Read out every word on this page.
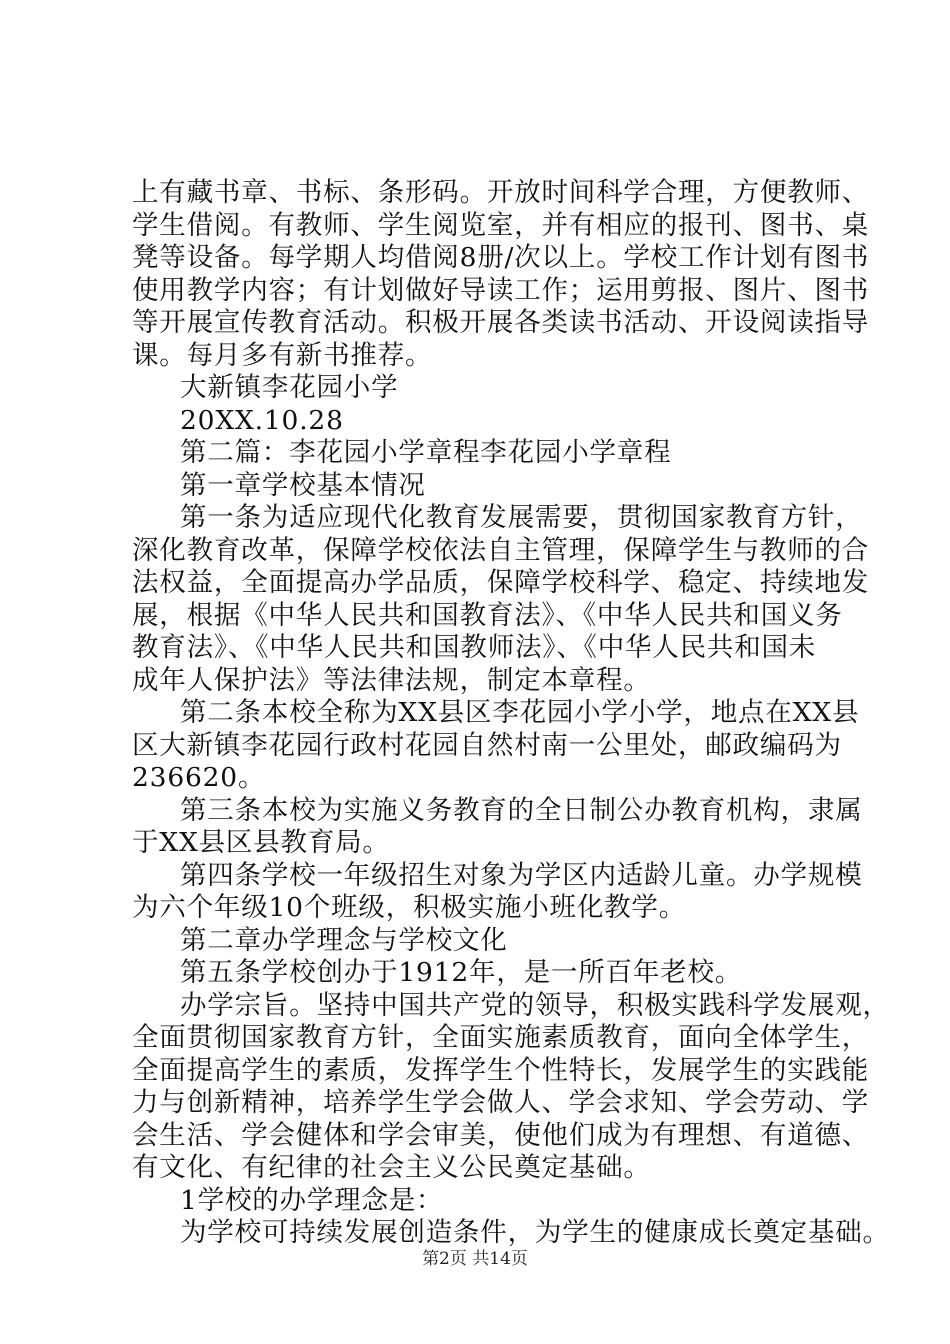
上有藏书章、书标、条形码。开放时间科学合理，方便教师、
学生借阅。有教师、学生阅览室，并有相应的报刊、图书、桌
凳等设备。每学期人均借阅8册/次以上。学校工作计划有图书
使用教学内容；有计划做好导读工作；运用剪报、图片、图书
等开展宣传教育活动。积极开展各类读书活动、开设阅读指导
课。每月多有新书推荐。
大新镇李花园小学
20XX.10.28
第二篇：李花园小学章程李花园小学章程
第一章学校基本情况
第一条为适应现代化教育发展需要，贯彻国家教育方针，
深化教育改革，保障学校依法自主管理，保障学生与教师的合
法权益，全面提高办学品质，保障学校科学、稳定、持续地发
展，根据《中华人民共和国教育法》、《中华人民共和国义务
教育法》、《中华人民共和国教师法》、《中华人民共和国未
成年人保护法》等法律法规，制定本章程。
第二条本校全称为XX县区李花园小学小学，地点在XX县
区大新镇李花园行政村花园自然村南一公里处，邮政编码为
236620。
第三条本校为实施义务教育的全日制公办教育机构，隶属
于XX县区县教育局。
第四条学校一年级招生对象为学区内适龄儿童。办学规模
为六个年级10个班级，积极实施小班化教学。
第二章办学理念与学校文化
第五条学校创办于1912年，是一所百年老校。
办学宗旨。坚持中国共产党的领导，积极实践科学发展观，
全面贯彻国家教育方针，全面实施素质教育，面向全体学生，
全面提高学生的素质，发挥学生个性特长，发展学生的实践能
力与创新精神，培养学生学会做人、学会求知、学会劳动、学
会生活、学会健体和学会审美，使他们成为有理想、有道德、
有文化、有纪律的社会主义公民奠定基础。
第2页 共14页
1学校的办学理念是：
为学校可持续发展创造条件，为学生的健康成长奠定基础。
